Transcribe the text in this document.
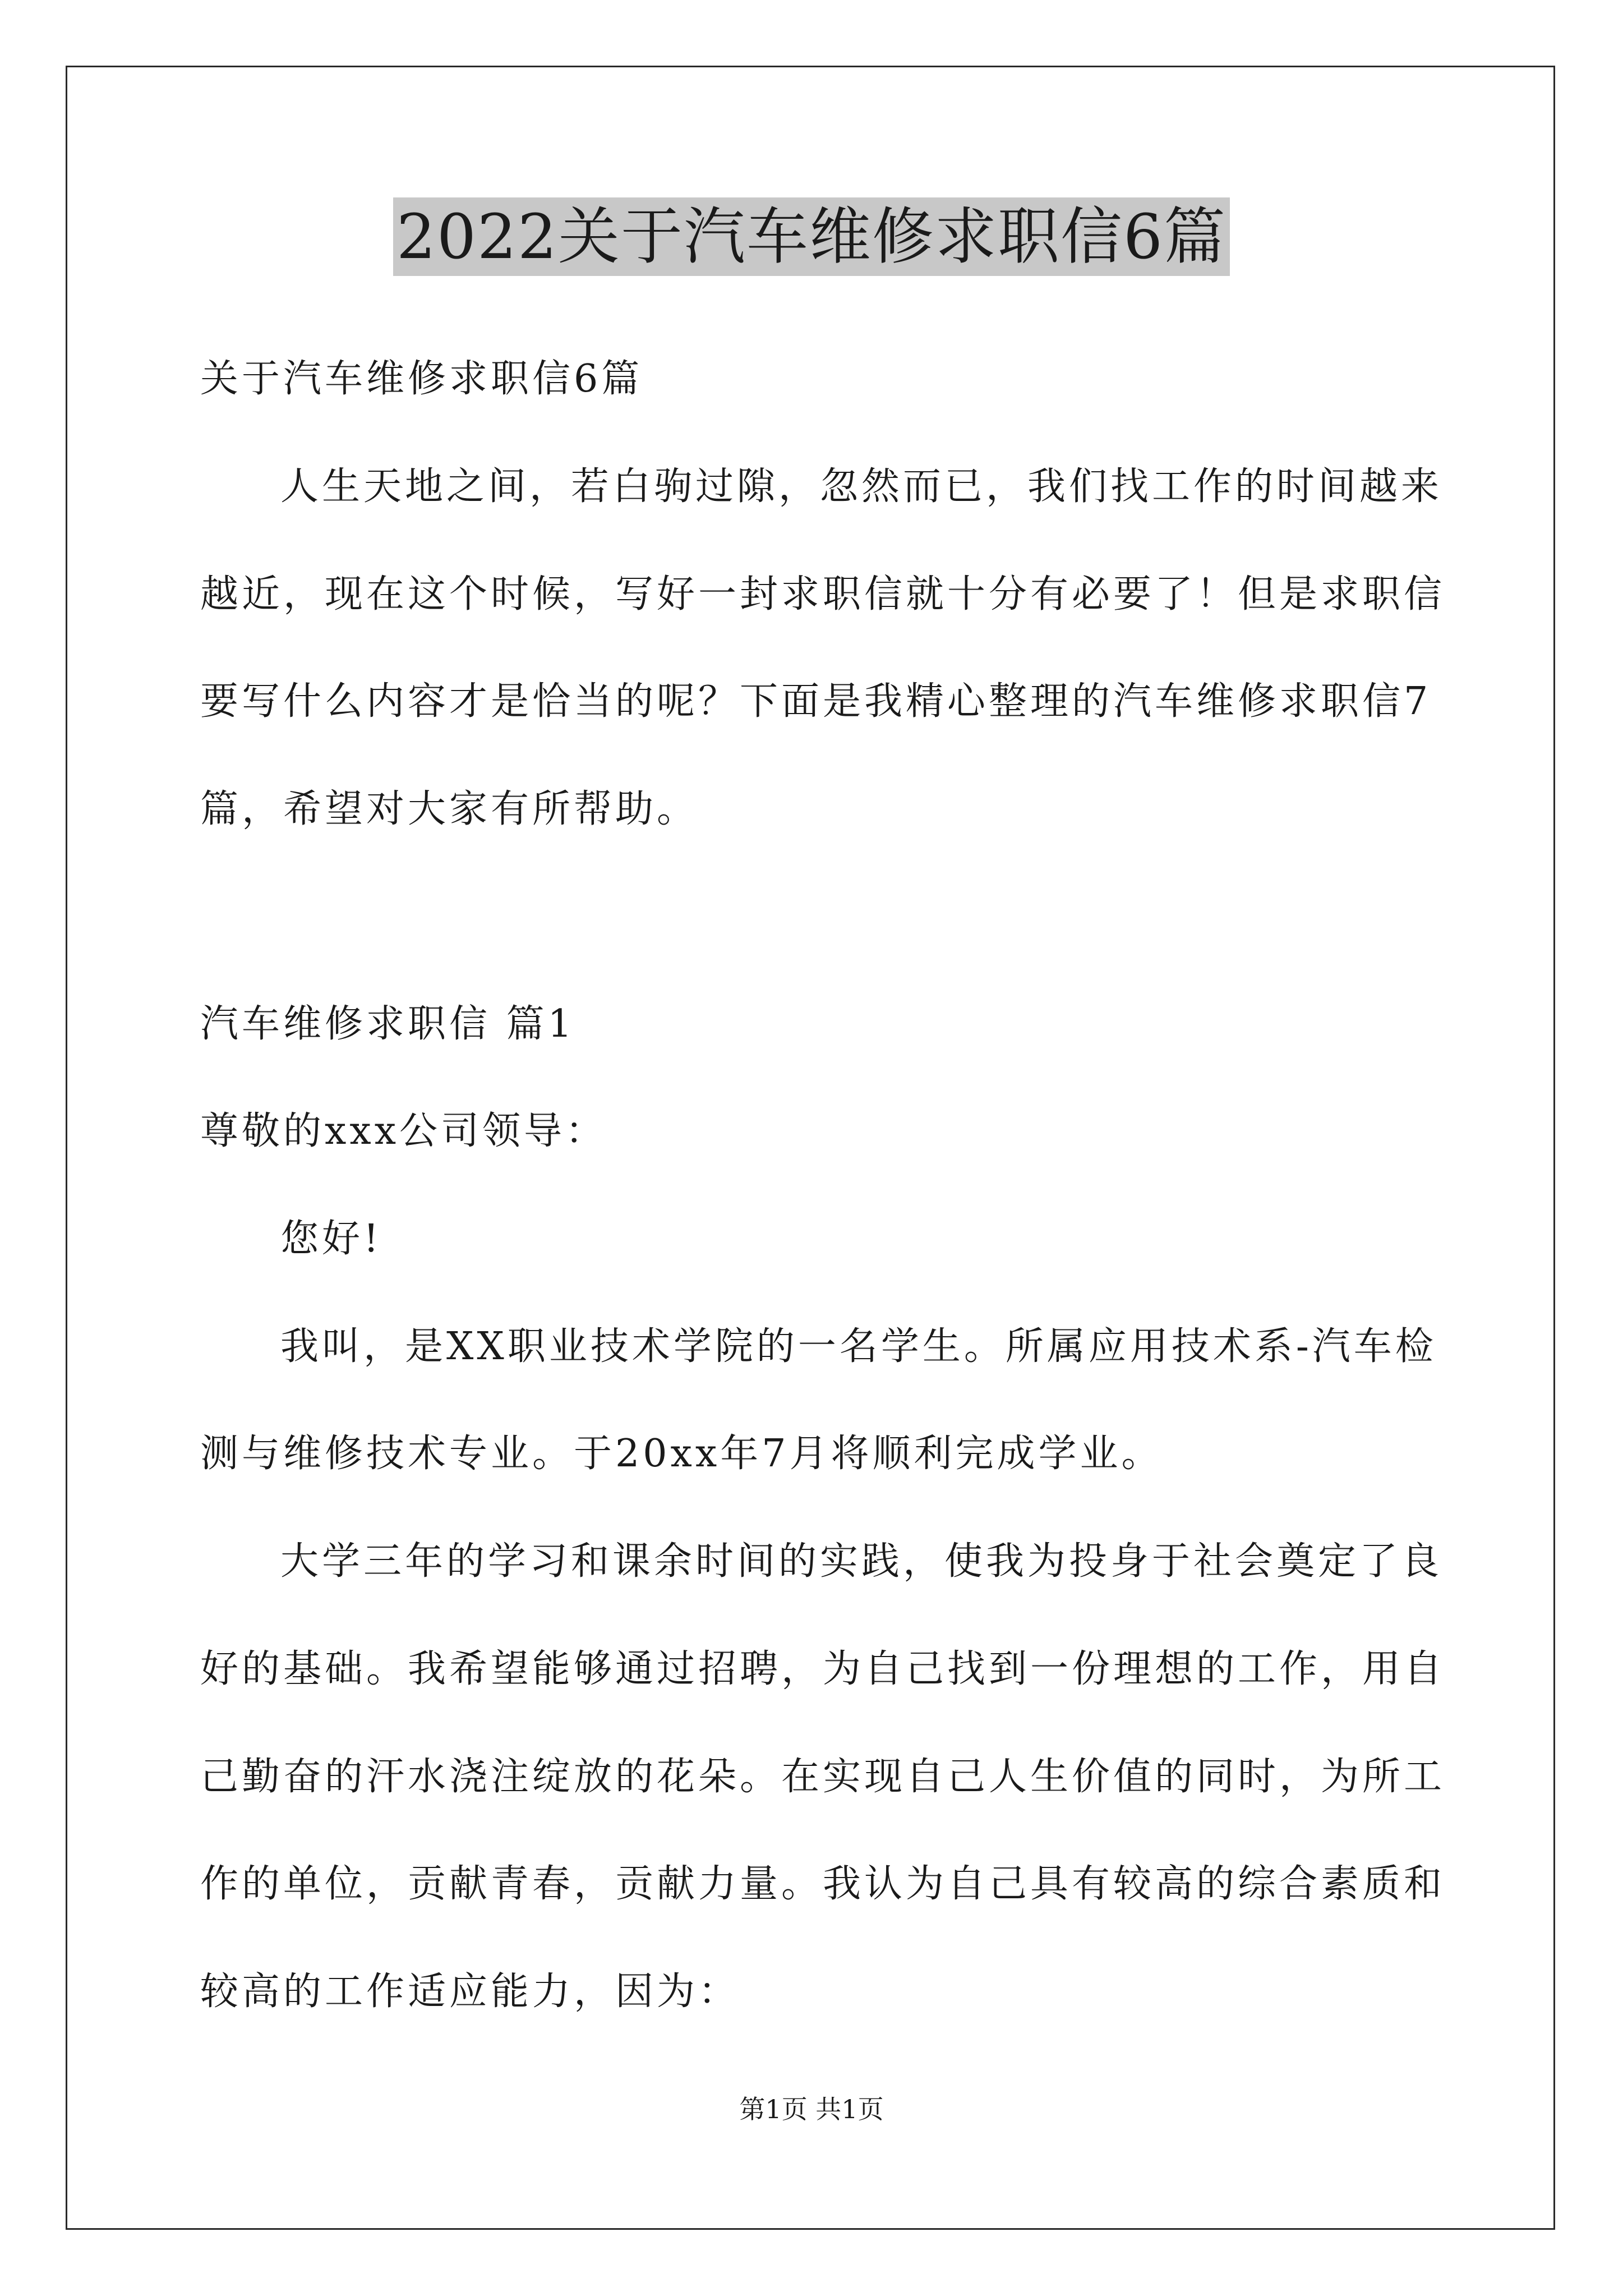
2022关于汽车维修求职信6篇
关于汽车维修求职信6篇
人生天地之间，若白驹过隙，忽然而已，我们找工作的时间越来
越近，现在这个时候，写好一封求职信就十分有必要了！但是求职信
要写什么内容才是恰当的呢？下面是我精心整理的汽车维修求职信7
篇，希望对大家有所帮助。
汽车维修求职信 篇1
尊敬的xxx公司领导：
您好!
我叫，是XX职业技术学院的一名学生。所属应用技术系-汽车检
测与维修技术专业。于20xx年7月将顺利完成学业。
大学三年的学习和课余时间的实践，使我为投身于社会奠定了良
好的基础。我希望能够通过招聘，为自己找到一份理想的工作，用自
己勤奋的汗水浇注绽放的花朵。在实现自己人生价值的同时，为所工
作的单位，贡献青春，贡献力量。我认为自己具有较高的综合素质和
较高的工作适应能力，因为：
第1页 共1页
